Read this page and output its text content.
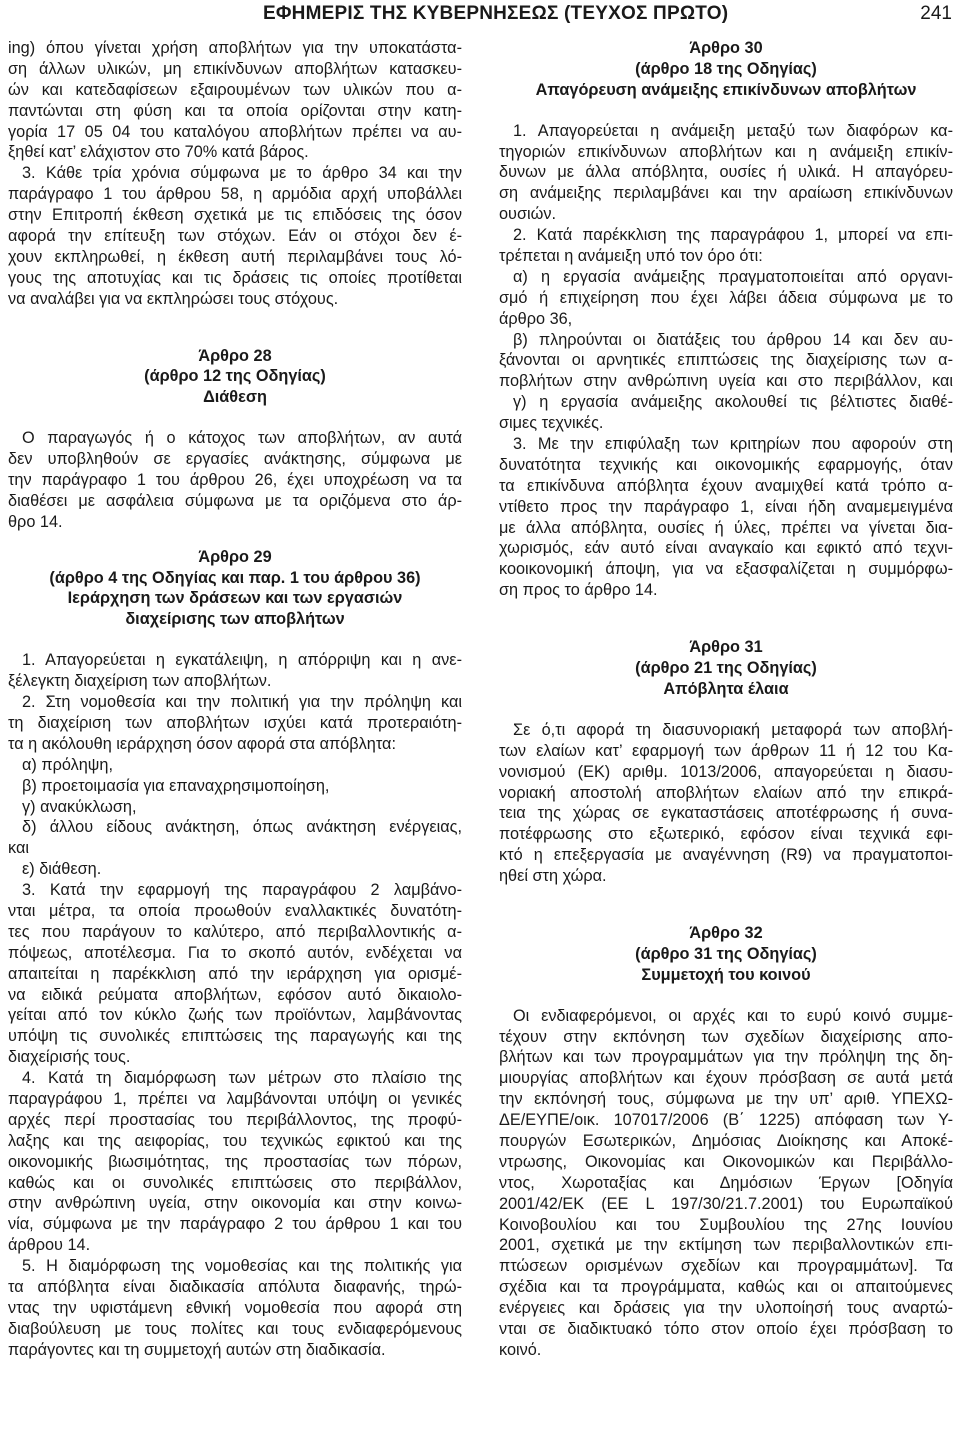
ΕΦΗΜΕΡΙΣ ΤΗΣ ΚΥΒΕΡΝΗΣΕΩΣ (ΤΕΥΧΟΣ ΠΡΩΤΟ)	241
ing) όπου γίνεται χρήση αποβλήτων για την υποκατάστα-
ση άλλων υλικών, μη επικίνδυνων αποβλήτων κατασκευ-
ών και κατεδαφίσεων εξαιρουμένων των υλικών που α-
παντώνται στη φύση και τα οποία ορίζονται στην κατη-
γορία 17 05 04 του καταλόγου αποβλήτων πρέπει να αυ-
ξηθεί κατ’ ελάχιστον στο 70% κατά βάρος.
3. Κάθε τρία χρόνια σύμφωνα με το άρθρο 34 και την
παράγραφο 1 του άρθρου 58, η αρμόδια αρχή υποβάλλει
στην Επιτροπή έκθεση σχετικά με τις επιδόσεις της όσον
αφορά την επίτευξη των στόχων. Εάν οι στόχοι δεν έ-
χουν εκπληρωθεί, η έκθεση αυτή περιλαμβάνει τους λό-
γους της αποτυχίας και τις δράσεις τις οποίες προτίθεται
να αναλάβει για να εκπληρώσει τους στόχους.
Άρθρο 28
(άρθρο 12 της Οδηγίας)
Διάθεση
Ο παραγωγός ή ο κάτοχος των αποβλήτων, αν αυτά
δεν υποβληθούν σε εργασίες ανάκτησης, σύμφωνα με
την παράγραφο 1 του άρθρου 26, έχει υποχρέωση να τα
διαθέσει με ασφάλεια σύμφωνα με τα οριζόμενα στο άρ-
θρο 14.
Άρθρο 29
(άρθρο 4 της Οδηγίας και παρ. 1 του άρθρου 36)
Ιεράρχηση των δράσεων και των εργασιών
διαχείρισης των αποβλήτων
1. Απαγορεύεται η εγκατάλειψη, η απόρριψη και η ανε-
ξέλεγκτη διαχείριση των αποβλήτων.
2. Στη νομοθεσία και την πολιτική για την πρόληψη και
τη διαχείριση των αποβλήτων ισχύει κατά προτεραιότη-
τα η ακόλουθη ιεράρχηση όσον αφορά στα απόβλητα:
α) πρόληψη,
β) προετοιμασία για επαναχρησιμοποίηση,
γ) ανακύκλωση,
δ) άλλου είδους ανάκτηση, όπως ανάκτηση ενέργειας,
και
ε) διάθεση.
3. Κατά την εφαρμογή της παραγράφου 2 λαμβάνο-
νται μέτρα, τα οποία προωθούν εναλλακτικές δυνατότη-
τες που παράγουν το καλύτερο, από περιβαλλοντικής α-
πόψεως, αποτέλεσμα. Για το σκοπό αυτόν, ενδέχεται να
απαιτείται η παρέκκλιση από την ιεράρχηση για ορισμέ-
να ειδικά ρεύματα αποβλήτων, εφόσον αυτό δικαιολο-
γείται από τον κύκλο ζωής των προϊόντων, λαμβάνοντας
υπόψη τις συνολικές επιπτώσεις της παραγωγής και της
διαχείρισής τους.
4. Κατά τη διαμόρφωση των μέτρων στο πλαίσιο της
παραγράφου 1, πρέπει να λαμβάνονται υπόψη οι γενικές
αρχές περί προστασίας του περιβάλλοντος, της προφύ-
λαξης και της αειφορίας, του τεχνικώς εφικτού και της
οικονομικής βιωσιμότητας, της προστασίας των πόρων,
καθώς και οι συνολικές επιπτώσεις στο περιβάλλον,
στην ανθρώπινη υγεία, στην οικονομία και στην κοινω-
νία, σύμφωνα με την παράγραφο 2 του άρθρου 1 και του
άρθρου 14.
5. Η διαμόρφωση της νομοθεσίας και της πολιτικής για
τα απόβλητα είναι διαδικασία απόλυτα διαφανής, τηρώ-
ντας την υφιστάμενη εθνική νομοθεσία που αφορά στη
διαβούλευση με τους πολίτες και τους ενδιαφερόμενους
παράγοντες και τη συμμετοχή αυτών στη διαδικασία.
Άρθρο 30
(άρθρο 18 της Οδηγίας)
Απαγόρευση ανάμειξης επικίνδυνων αποβλήτων
1. Απαγορεύεται η ανάμειξη μεταξύ των διαφόρων κα-
τηγοριών επικίνδυνων αποβλήτων και η ανάμειξη επικίν-
δυνων με άλλα απόβλητα, ουσίες ή υλικά. Η απαγόρευ-
ση ανάμειξης περιλαμβάνει και την αραίωση επικίνδυνων
ουσιών.
2. Κατά παρέκκλιση της παραγράφου 1, μπορεί να επι-
τρέπεται η ανάμειξη υπό τον όρο ότι:
α) η εργασία ανάμειξης πραγματοποιείται από οργανι-
σμό ή επιχείρηση που έχει λάβει άδεια σύμφωνα με το
άρθρο 36,
β) πληρούνται οι διατάξεις του άρθρου 14 και δεν αυ-
ξάνονται οι αρνητικές επιπτώσεις της διαχείρισης των α-
ποβλήτων στην ανθρώπινη υγεία και στο περιβάλλον, και
γ) η εργασία ανάμειξης ακολουθεί τις βέλτιστες διαθέ-
σιμες τεχνικές.
3. Με την επιφύλαξη των κριτηρίων που αφορούν στη
δυνατότητα τεχνικής και οικονομικής εφαρμογής, όταν
τα επικίνδυνα απόβλητα έχουν αναμιχθεί κατά τρόπο α-
ντίθετο προς την παράγραφο 1, είναι ήδη αναμεμειγμένα
με άλλα απόβλητα, ουσίες ή ύλες, πρέπει να γίνεται δια-
χωρισμός, εάν αυτό είναι αναγκαίο και εφικτό από τεχνι-
κοοικονομική άποψη, για να εξασφαλίζεται η συμμόρφω-
ση προς το άρθρο 14.
Άρθρο 31
(άρθρο 21 της Οδηγίας)
Απόβλητα έλαια
Σε ό,τι αφορά τη διασυνοριακή μεταφορά των αποβλή-
των ελαίων κατ’ εφαρμογή των άρθρων 11 ή 12 του Κα-
νονισμού (ΕΚ) αριθμ. 1013/2006, απαγορεύεται η διασυ-
νοριακή αποστολή αποβλήτων ελαίων από την επικρά-
τεια της χώρας σε εγκαταστάσεις αποτέφρωσης ή συνα-
ποτέφρωσης στο εξωτερικό, εφόσον είναι τεχνικά εφι-
κτό η επεξεργασία με αναγέννηση (R9) να πραγματοποι-
ηθεί στη χώρα.
Άρθρο 32
(άρθρο 31 της Οδηγίας)
Συμμετοχή του κοινού
Οι ενδιαφερόμενοι, οι αρχές και το ευρύ κοινό συμμε-
τέχουν στην εκπόνηση των σχεδίων διαχείρισης απο-
βλήτων και των προγραμμάτων για την πρόληψη της δη-
μιουργίας αποβλήτων και έχουν πρόσβαση σε αυτά μετά
την εκπόνησή τους, σύμφωνα με την υπ’ αριθ. ΥΠΕΧΩ-
ΔΕ/ΕΥΠΕ/οικ. 107017/2006 (Β΄ 1225) απόφαση των Υ-
πουργών Εσωτερικών, Δημόσιας Διοίκησης και Αποκέ-
ντρωσης, Οικονομίας και Οικονομικών και Περιβάλλο-
ντος, Χωροταξίας και Δημόσιων Έργων [Οδηγία
2001/42/ΕΚ (ΕΕ L 197/30/21.7.2001) του Ευρωπαϊκού
Κοινοβουλίου και του Συμβουλίου της 27ης Ιουνίου
2001, σχετικά με την εκτίμηση των περιβαλλοντικών επι-
πτώσεων ορισμένων σχεδίων και προγραμμάτων]. Τα
σχέδια και τα προγράμματα, καθώς και οι απαιτούμενες
ενέργειες και δράσεις για την υλοποίησή τους αναρτώ-
νται σε διαδικτυακό τόπο στον οποίο έχει πρόσβαση το
κοινό.
